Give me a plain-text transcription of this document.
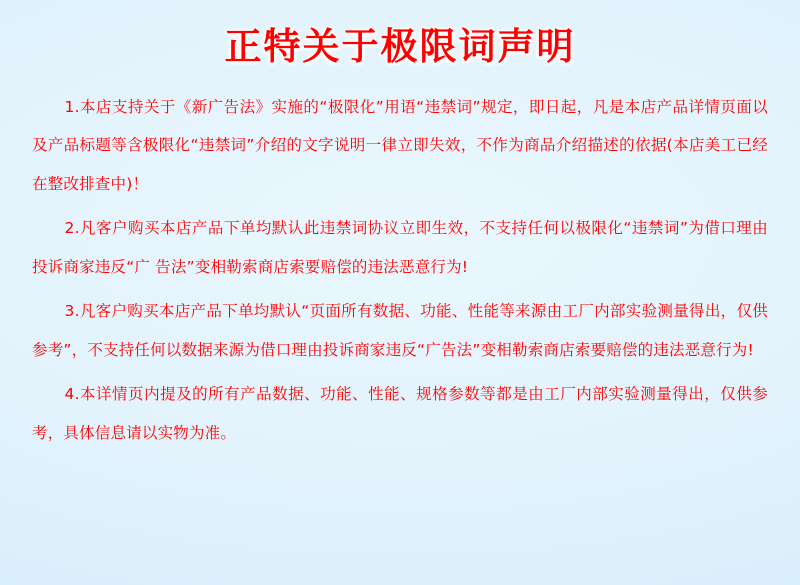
正特关于极限词声明

1.本店支持关于《新广告法》实施的“极限化”用语“违禁词”规定，即日起，凡是本店产品详情页面以及产品标题等含极限化“违禁词”介绍的文字说明一律立即失效，不作为商品介绍描述的依据(本店美工已经在整改排查中)！

2.凡客户购买本店产品下单均默认此违禁词协议立即生效，不支持任何以极限化“违禁词”为借口理由投诉商家违反“广 告法”变相勒索商店索要赔偿的违法恶意行为!

3.凡客户购买本店产品下单均默认“页面所有数据、功能、性能等来源由工厂内部实验测量得出，仅供参考”，不支持任何以数据来源为借口理由投诉商家违反“广告法”变相勒索商店索要赔偿的违法恶意行为!

4.本详情页内提及的所有产品数据、功能、性能、规格参数等都是由工厂内部实验测量得出，仅供参考，具体信息请以实物为准。
